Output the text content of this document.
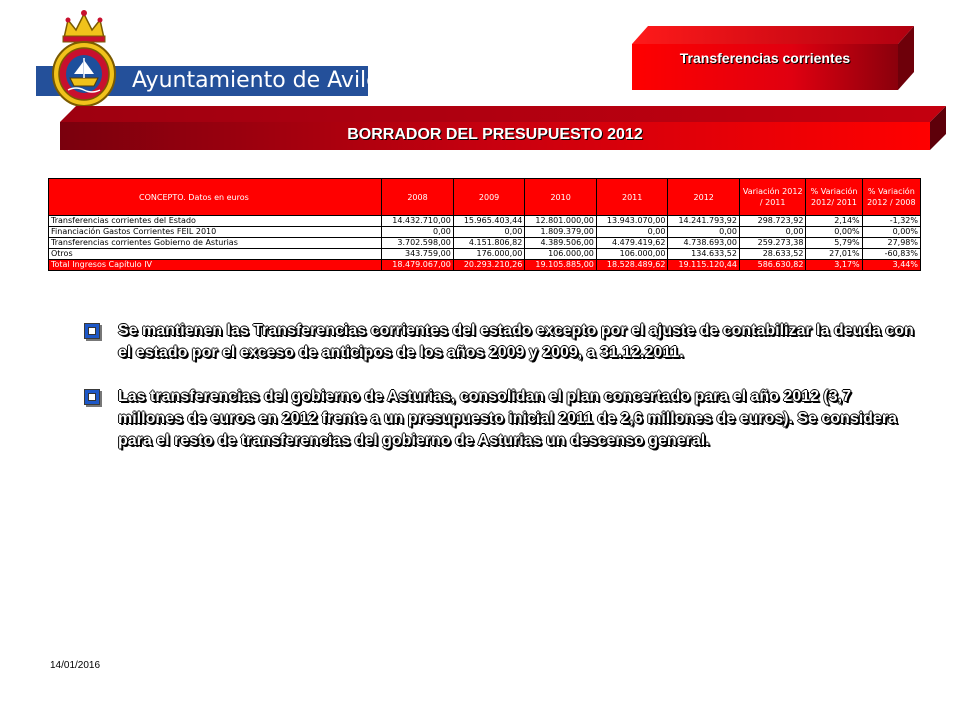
Ayuntamiento de Avilés
Transferencias corrientes
BORRADOR DEL PRESUPUESTO 2012
CONCEPTO. Datos en euros	2008	2009	2010	2011	2012	Variación 2012 / 2011	% Variación 2012/ 2011	% Variación 2012 / 2008
Transferencias corrientes del Estado	14.432.710,00	15.965.403,44	12.801.000,00	13.943.070,00	14.241.793,92	298.723,92	2,14%	-1,32%
Financiación Gastos Corrientes FEIL 2010	0,00	0,00	1.809.379,00	0,00	0,00	0,00	0,00%	0,00%
Transferencias corrientes Gobierno de Asturias	3.702.598,00	4.151.806,82	4.389.506,00	4.479.419,62	4.738.693,00	259.273,38	5,79%	27,98%
Otros	343.759,00	176.000,00	106.000,00	106.000,00	134.633,52	28.633,52	27,01%	-60,83%
Total Ingresos Capítulo IV	18.479.067,00	20.293.210,26	19.105.885,00	18.528.489,62	19.115.120,44	586.630,82	3,17%	3,44%
Se mantienen las Transferencias corrientes del estado excepto por el ajuste de contabilizar la deuda con el estado por el exceso de anticipos de los años 2009 y 2009, a 31.12.2011.
Las transferencias del gobierno de Asturias, consolidan el plan concertado para el año 2012 (3,7 millones de euros en 2012 frente a un presupuesto inicial 2011 de 2,6 millones de euros). Se considera para el resto de transferencias del gobierno de Asturias un descenso general.
14/01/2016
